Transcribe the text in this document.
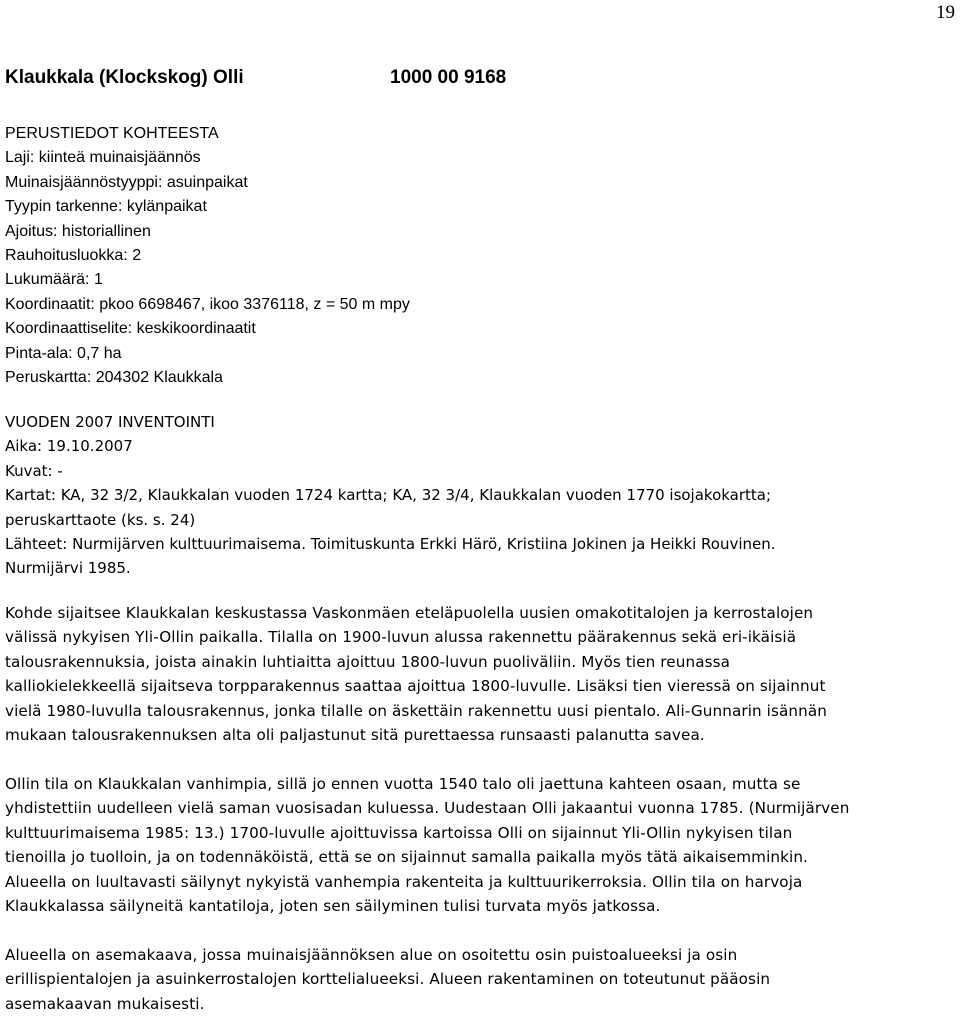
19
Klaukkala (Klockskog) Olli	1000 00 9168
PERUSTIEDOT KOHTEESTA
Laji: kiinteä muinaisjäännös
Muinaisjäännöstyyppi: asuinpaikat
Tyypin tarkenne: kylänpaikat
Ajoitus: historiallinen
Rauhoitusluokka: 2
Lukumäärä: 1
Koordinaatit: pkoo 6698467, ikoo 3376118, z = 50 m mpy
Koordinaattiselite: keskikoordinaatit
Pinta-ala: 0,7 ha
Peruskartta: 204302 Klaukkala
VUODEN 2007 INVENTOINTI
Aika: 19.10.2007
Kuvat: -
Kartat: KA, 32 3/2, Klaukkalan vuoden 1724 kartta; KA, 32 3/4, Klaukkalan vuoden 1770 isojakokartta;
peruskarttaote (ks. s. 24)
Lähteet: Nurmijärven kulttuurimaisema. Toimituskunta Erkki Härö, Kristiina Jokinen ja Heikki Rouvinen.
Nurmijärvi 1985.
Kohde sijaitsee Klaukkalan keskustassa Vaskonmäen eteläpuolella uusien omakotitalojen ja kerrostalojen
välissä nykyisen Yli-Ollin paikalla. Tilalla on 1900-luvun alussa rakennettu päärakennus sekä eri-ikäisiä
talousrakennuksia, joista ainakin luhtiaitta ajoittuu 1800-luvun puoliväliin. Myös tien reunassa
kalliokielekkeellä sijaitseva torpparakennus saattaa ajoittua 1800-luvulle. Lisäksi tien vieressä on sijainnut
vielä 1980-luvulla talousrakennus, jonka tilalle on äskettäin rakennettu uusi pientalo. Ali-Gunnarin isännän
mukaan talousrakennuksen alta oli paljastunut sitä purettaessa runsaasti palanutta savea.
Ollin tila on Klaukkalan vanhimpia, sillä jo ennen vuotta 1540 talo oli jaettuna kahteen osaan, mutta se
yhdistettiin uudelleen vielä saman vuosisadan kuluessa. Uudestaan Olli jakaantui vuonna 1785. (Nurmijärven
kulttuurimaisema 1985: 13.) 1700-luvulle ajoittuvissa kartoissa Olli on sijainnut Yli-Ollin nykyisen tilan
tienoilla jo tuolloin, ja on todennäköistä, että se on sijainnut samalla paikalla myös tätä aikaisemminkin.
Alueella on luultavasti säilynyt nykyistä vanhempia rakenteita ja kulttuurikerroksia. Ollin tila on harvoja
Klaukkalassa säilyneitä kantatiloja, joten sen säilyminen tulisi turvata myös jatkossa.
Alueella on asemakaava, jossa muinaisjäännöksen alue on osoitettu osin puistoalueeksi ja osin
erillispientalojen ja asuinkerrostalojen korttelialueeksi. Alueen rakentaminen on toteutunut pääosin
asemakaavan mukaisesti.
